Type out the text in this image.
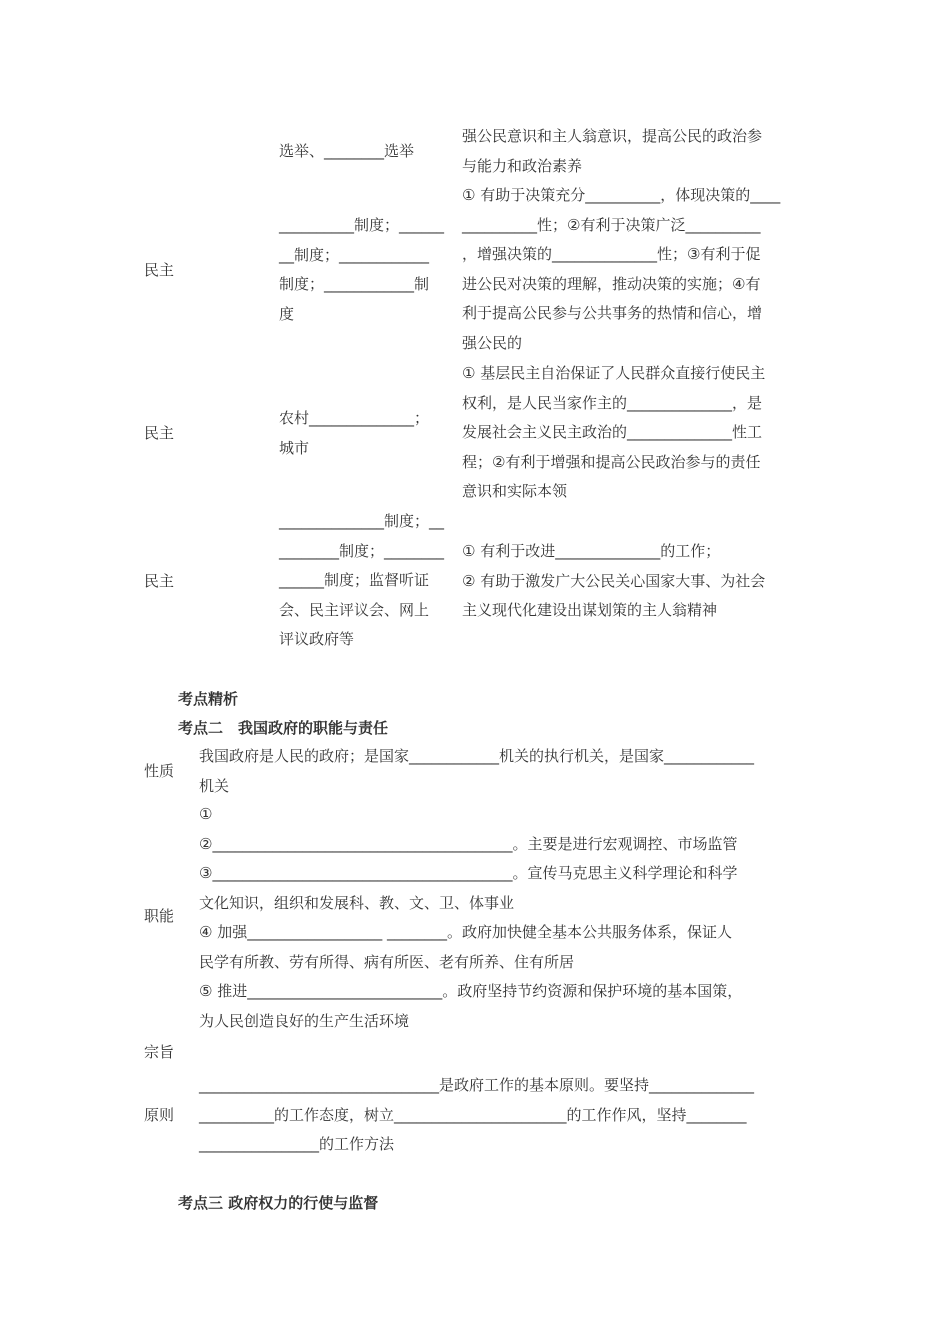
选举、________选举
强公民意识和主人翁意识，提高公民的政治参
与能力和政治素养
民主
__________制度；______
__制度；____________
制度；____________制
度
① 有助于决策充分__________，体现决策的____
__________性；②有利于决策广泛__________
，增强决策的______________性；③有利于促
进公民对决策的理解，推动决策的实施；④有
利于提高公民参与公共事务的热情和信心，增
强公民的
民主
农村______________；
城市
① 基层民主自治保证了人民群众直接行使民主
权利，是人民当家作主的______________，是
发展社会主义民主政治的______________性工
程；②有利于增强和提高公民政治参与的责任
意识和实际本领
民主
______________制度；__
________制度；________
______制度；监督听证
会、民主评议会、网上
评议政府等
① 有利于改进______________的工作；
② 有助于激发广大公民关心国家大事、为社会
主义现代化建设出谋划策的主人翁精神
考点精析
考点二　我国政府的职能与责任
性质
我国政府是人民的政府；是国家____________机关的执行机关，是国家____________
机关
职能
①
②________________________________________。主要是进行宏观调控、市场监管
③________________________________________。宣传马克思主义科学理论和科学
文化知识，组织和发展科、教、文、卫、体事业
④ 加强__________________ ________。政府加快健全基本公共服务体系，保证人
民学有所教、劳有所得、病有所医、老有所养、住有所居
⑤ 推进__________________________。政府坚持节约资源和保护环境的基本国策，
为人民创造良好的生产生活环境
宗旨
原则
________________________________是政府工作的基本原则。要坚持______________
__________的工作态度，树立_______________________的工作作风，坚持________
________________的工作方法
考点三 政府权力的行使与监督
